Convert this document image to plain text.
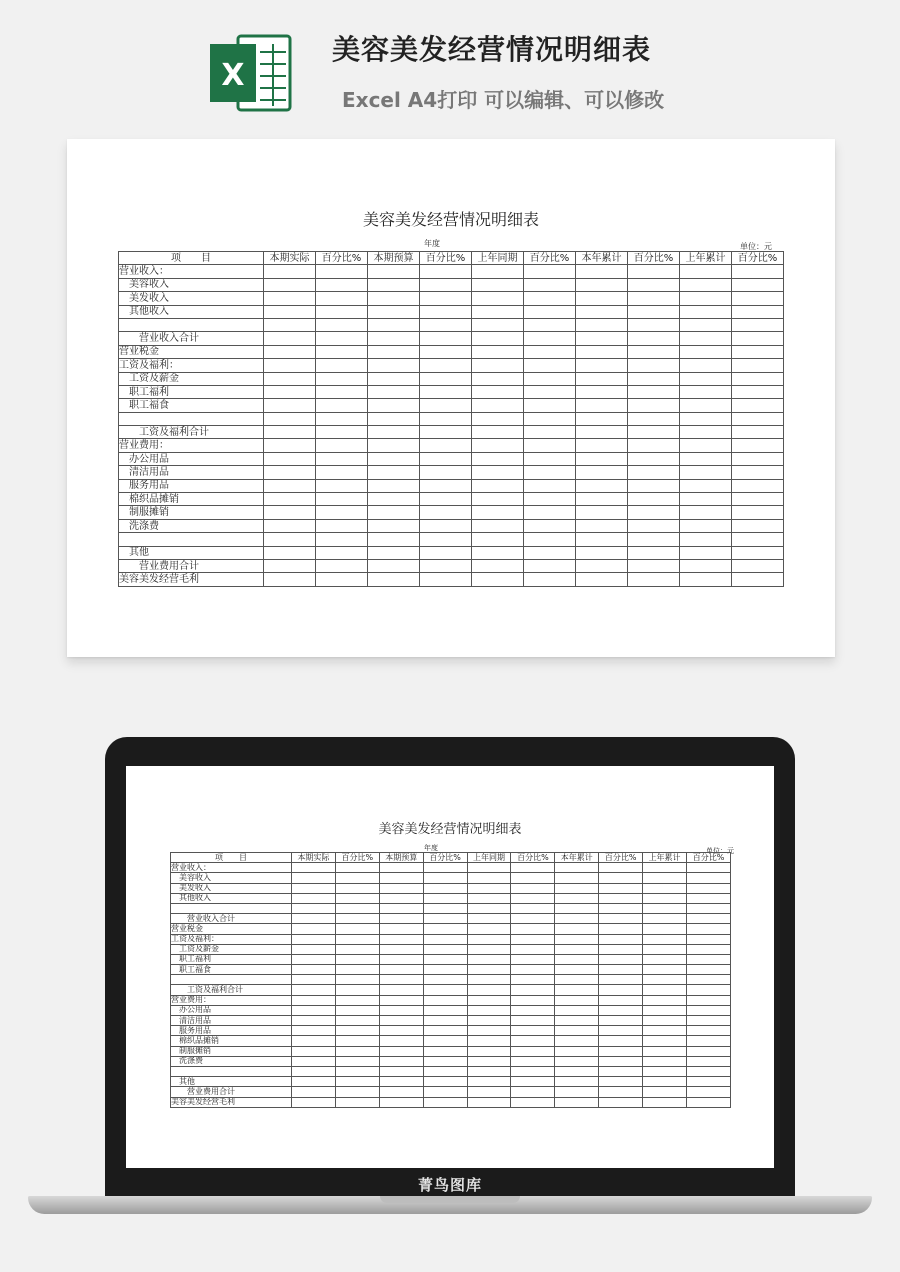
X
美容美发经营情况明细表
Excel A4打印 可以编辑、可以修改
美容美发经营情况明细表
年度	单位：元
项　　目	本期实际	百分比%	本期预算	百分比%	上年同期	百分比%	本年累计	百分比%	上年累计	百分比%
营业收入：										
　美容收入										
　美发收入										
　其他收入										

　　营业收入合计										
营业税金										
工资及福利：										
　工资及薪金										
　职工福利										
　职工福食										

　　工资及福利合计										
营业费用：										
　办公用品										
　清洁用品										
　服务用品										
　棉织品摊销										
　制服摊销										
　洗涤费										

　其他										
　　营业费用合计										
美容美发经营毛利										
美容美发经营情况明细表
年度	单位：元
项　　目	本期实际	百分比%	本期预算	百分比%	上年同期	百分比%	本年累计	百分比%	上年累计	百分比%
营业收入：										
　美容收入										
　美发收入										
　其他收入										

　　营业收入合计										
营业税金										
工资及福利：										
　工资及薪金										
　职工福利										
　职工福食										

　　工资及福利合计										
营业费用：										
　办公用品										
　清洁用品										
　服务用品										
　棉织品摊销										
　制服摊销										
　洗涤费										

　其他										
　　营业费用合计										
美容美发经营毛利										
菁鸟图库
